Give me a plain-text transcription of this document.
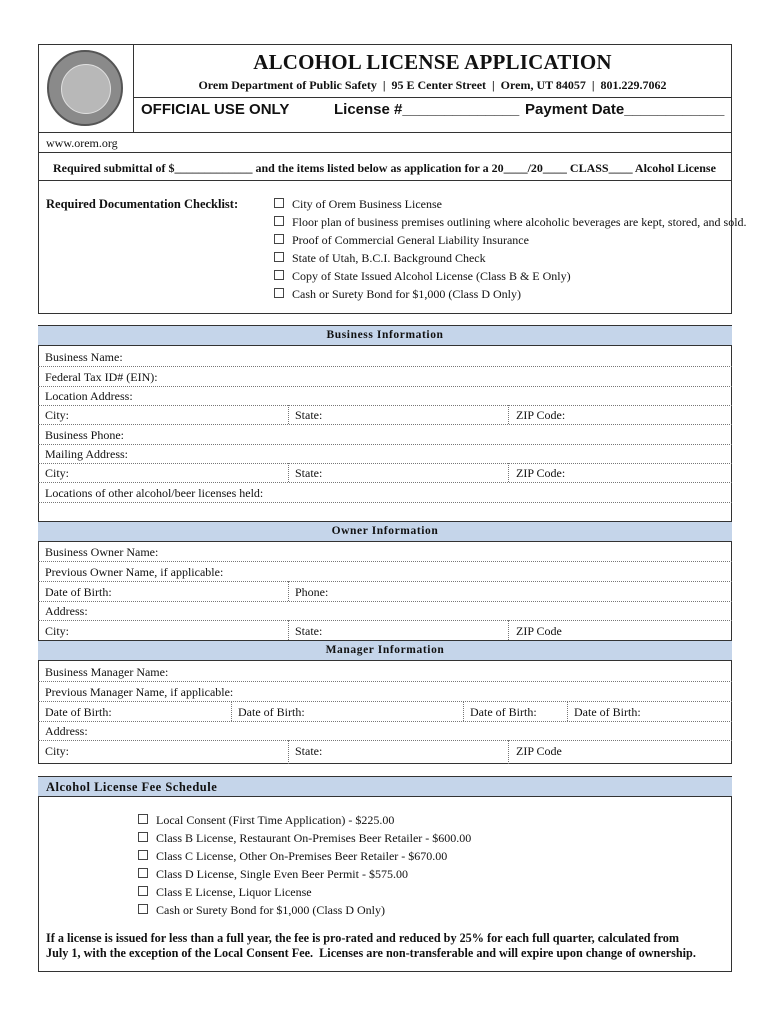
ALCOHOL LICENSE APPLICATION
Orem Department of Public Safety  |  95 E Center Street  |  Orem, UT 84057  |  801.229.7062
OFFICIAL USE ONLY	License #______________ Payment Date____________
www.orem.org
Required submittal of $_____________ and the items listed below as application for a 20____/20____ CLASS____ Alcohol License
Required Documentation Checklist:	City of Orem Business License
Floor plan of business premises outlining where alcoholic beverages are kept, stored, and sold.
Proof of Commercial General Liability Insurance
State of Utah, B.C.I. Background Check
Copy of State Issued Alcohol License (Class B & E Only)
Cash or Surety Bond for $1,000 (Class D Only)
Business Information
Business Name:
Federal Tax ID# (EIN):
Location Address:
City:	State:	ZIP Code:
Business Phone:
Mailing Address:
City:	State:	ZIP Code:
Locations of other alcohol/beer licenses held:
Owner Information
Business Owner Name:
Previous Owner Name, if applicable:
Date of Birth:	Phone:
Address:
City:	State:	ZIP Code
Manager Information
Business Manager Name:
Previous Manager Name, if applicable:
Date of Birth:	Date of Birth:	Date of Birth:	Date of Birth:
Address:
City:	State:	ZIP Code
Alcohol License Fee Schedule
Local Consent (First Time Application) - $225.00
Class B License, Restaurant On-Premises Beer Retailer - $600.00
Class C License, Other On-Premises Beer Retailer - $670.00
Class D License, Single Even Beer Permit - $575.00
Class E License, Liquor License
Cash or Surety Bond for $1,000 (Class D Only)
If a license is issued for less than a full year, the fee is pro-rated and reduced by 25% for each full quarter, calculated from
July 1, with the exception of the Local Consent Fee.  Licenses are non-transferable and will expire upon change of ownership.
